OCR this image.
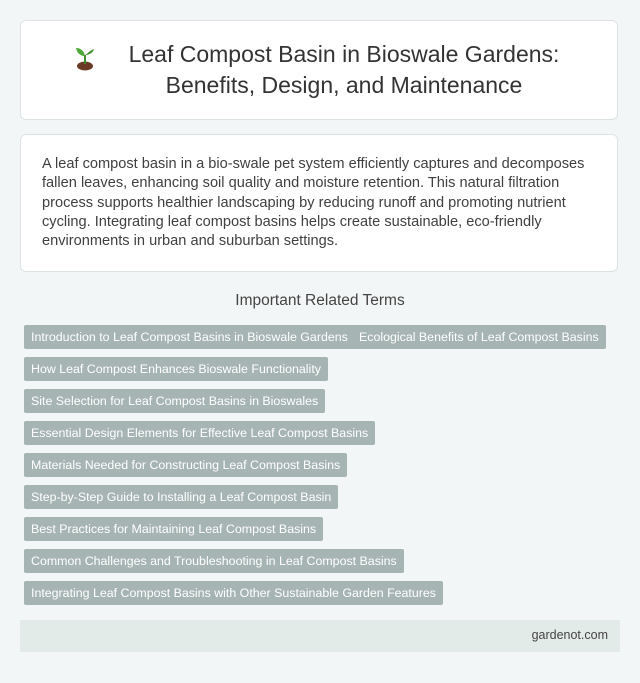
Leaf Compost Basin in Bioswale Gardens: Benefits, Design, and Maintenance

A leaf compost basin in a bio-swale pet system efficiently captures and decomposes fallen leaves, enhancing soil quality and moisture retention. This natural filtration process supports healthier landscaping by reducing runoff and promoting nutrient cycling. Integrating leaf compost basins helps create sustainable, eco-friendly environments in urban and suburban settings.

Important Related Terms
Introduction to Leaf Compost Basins in Bioswale Gardens Ecological Benefits of Leaf Compost Basins
How Leaf Compost Enhances Bioswale Functionality
Site Selection for Leaf Compost Basins in Bioswales
Essential Design Elements for Effective Leaf Compost Basins
Materials Needed for Constructing Leaf Compost Basins
Step-by-Step Guide to Installing a Leaf Compost Basin
Best Practices for Maintaining Leaf Compost Basins
Common Challenges and Troubleshooting in Leaf Compost Basins
Integrating Leaf Compost Basins with Other Sustainable Garden Features
gardenot.com
